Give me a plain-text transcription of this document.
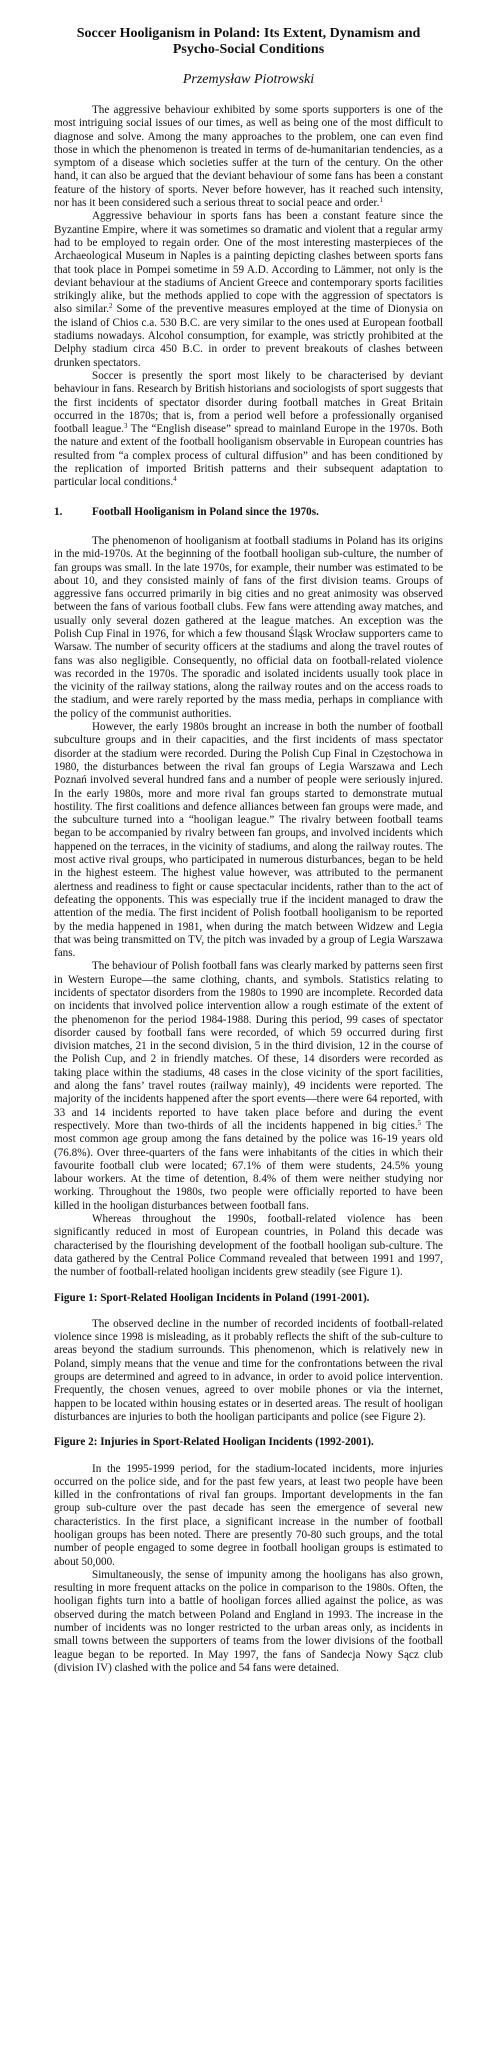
Soccer Hooliganism in Poland: Its Extent, Dynamism and
Psycho-Social Conditions

Przemysław Piotrowski

The aggressive behaviour exhibited by some sports supporters is one of the most intriguing social issues of our times, as well as being one of the most difficult to diagnose and solve. Among the many approaches to the problem, one can even find those in which the phenomenon is treated in terms of de-humanitarian tendencies, as a symptom of a disease which societies suffer at the turn of the century. On the other hand, it can also be argued that the deviant behaviour of some fans has been a constant feature of the history of sports. Never before however, has it reached such intensity, nor has it been considered such a serious threat to social peace and order.$^1$

Aggressive behaviour in sports fans has been a constant feature since the Byzantine Empire, where it was sometimes so dramatic and violent that a regular army had to be employed to regain order. One of the most interesting masterpieces of the Archaeological Museum in Naples is a painting depicting clashes between sports fans that took place in Pompei sometime in 59 A.D. According to Lämmer, not only is the deviant behaviour at the stadiums of Ancient Greece and contemporary sports facilities strikingly alike, but the methods applied to cope with the aggression of spectators is also similar.$^2$ Some of the preventive measures employed at the time of Dionysia on the island of Chios c.a. 530 B.C. are very similar to the ones used at European football stadiums nowadays. Alcohol consumption, for example, was strictly prohibited at the Delphy stadium circa 450 B.C. in order to prevent breakouts of clashes between drunken spectators.

Soccer is presently the sport most likely to be characterised by deviant behaviour in fans. Research by British historians and sociologists of sport suggests that the first incidents of spectator disorder during football matches in Great Britain occurred in the 1870s; that is, from a period well before a professionally organised football league.$^3$ The “English disease” spread to mainland Europe in the 1970s. Both the nature and extent of the football hooliganism observable in European countries has resulted from “a complex process of cultural diffusion” and has been conditioned by the replication of imported British patterns and their subsequent adaptation to particular local conditions.$^4$

1.	Football Hooliganism in Poland since the 1970s.

The phenomenon of hooliganism at football stadiums in Poland has its origins in the mid-1970s. At the beginning of the football hooligan sub-culture, the number of fan groups was small. In the late 1970s, for example, their number was estimated to be about 10, and they consisted mainly of fans of the first division teams. Groups of aggressive fans occurred primarily in big cities and no great animosity was observed between the fans of various football clubs. Few fans were attending away matches, and usually only several dozen gathered at the league matches. An exception was the Polish Cup Final in 1976, for which a few thousand Śląsk Wrocław supporters came to Warsaw. The number of security officers at the stadiums and along the travel routes of fans was also negligible. Consequently, no official data on football-related violence was recorded in the 1970s. The sporadic and isolated incidents usually took place in the vicinity of the railway stations, along the railway routes and on the access roads to the stadium, and were rarely reported by the mass media, perhaps in compliance with the policy of the communist authorities.

However, the early 1980s brought an increase in both the number of football subculture groups and in their capacities, and the first incidents of mass spectator disorder at the stadium were recorded. During the Polish Cup Final in Częstochowa in 1980, the disturbances between the rival fan groups of Legia Warszawa and Lech Poznań involved several hundred fans and a number of people were seriously injured. In the early 1980s, more and more rival fan groups started to demonstrate mutual hostility. The first coalitions and defence alliances between fan groups were made, and the subculture turned into a “hooligan league.” The rivalry between football teams began to be accompanied by rivalry between fan groups, and involved incidents which happened on the terraces, in the vicinity of stadiums, and along the railway routes. The most active rival groups, who participated in numerous disturbances, began to be held in the highest esteem. The highest value however, was attributed to the permanent alertness and readiness to fight or cause spectacular incidents, rather than to the act of defeating the opponents. This was especially true if the incident managed to draw the attention of the media. The first incident of Polish football hooliganism to be reported by the media happened in 1981, when during the match between Widzew and Legia that was being transmitted on TV, the pitch was invaded by a group of Legia Warszawa fans.

The behaviour of Polish football fans was clearly marked by patterns seen first in Western Europe—the same clothing, chants, and symbols. Statistics relating to incidents of spectator disorders from the 1980s to 1990 are incomplete. Recorded data on incidents that involved police intervention allow a rough estimate of the extent of the phenomenon for the period 1984-1988. During this period, 99 cases of spectator disorder caused by football fans were recorded, of which 59 occurred during first division matches, 21 in the second division, 5 in the third division, 12 in the course of the Polish Cup, and 2 in friendly matches. Of these, 14 disorders were recorded as taking place within the stadiums, 48 cases in the close vicinity of the sport facilities, and along the fans’ travel routes (railway mainly), 49 incidents were reported. The majority of the incidents happened after the sport events—there were 64 reported, with 33 and 14 incidents reported to have taken place before and during the event respectively. More than two-thirds of all the incidents happened in big cities.$^5$ The most common age group among the fans detained by the police was 16-19 years old (76.8%). Over three-quarters of the fans were inhabitants of the cities in which their favourite football club were located; 67.1% of them were students, 24.5% young labour workers. At the time of detention, 8.4% of them were neither studying nor working. Throughout the 1980s, two people were officially reported to have been killed in the hooligan disturbances between football fans.

Whereas throughout the 1990s, football-related violence has been significantly reduced in most of European countries, in Poland this decade was characterised by the flourishing development of the football hooligan sub-culture. The data gathered by the Central Police Command revealed that between 1991 and 1997, the number of football-related hooligan incidents grew steadily (see Figure 1).

Figure 1: Sport-Related Hooligan Incidents in Poland (1991-2001).

The observed decline in the number of recorded incidents of football-related violence since 1998 is misleading, as it probably reflects the shift of the sub-culture to areas beyond the stadium surrounds. This phenomenon, which is relatively new in Poland, simply means that the venue and time for the confrontations between the rival groups are determined and agreed to in advance, in order to avoid police intervention. Frequently, the chosen venues, agreed to over mobile phones or via the internet, happen to be located within housing estates or in deserted areas. The result of hooligan disturbances are injuries to both the hooligan participants and police (see Figure 2).

Figure 2: Injuries in Sport-Related Hooligan Incidents (1992-2001).

In the 1995-1999 period, for the stadium-located incidents, more injuries occurred on the police side, and for the past few years, at least two people have been killed in the confrontations of rival fan groups. Important developments in the fan group sub-culture over the past decade has seen the emergence of several new characteristics. In the first place, a significant increase in the number of football hooligan groups has been noted. There are presently 70-80 such groups, and the total number of people engaged to some degree in football hooligan groups is estimated to about 50,000.

Simultaneously, the sense of impunity among the hooligans has also grown, resulting in more frequent attacks on the police in comparison to the 1980s. Often, the hooligan fights turn into a battle of hooligan forces allied against the police, as was observed during the match between Poland and England in 1993. The increase in the number of incidents was no longer restricted to the urban areas only, as incidents in small towns between the supporters of teams from the lower divisions of the football league began to be reported. In May 1997, the fans of Sandecja Nowy Sącz club (division IV) clashed with the police and 54 fans were detained.
